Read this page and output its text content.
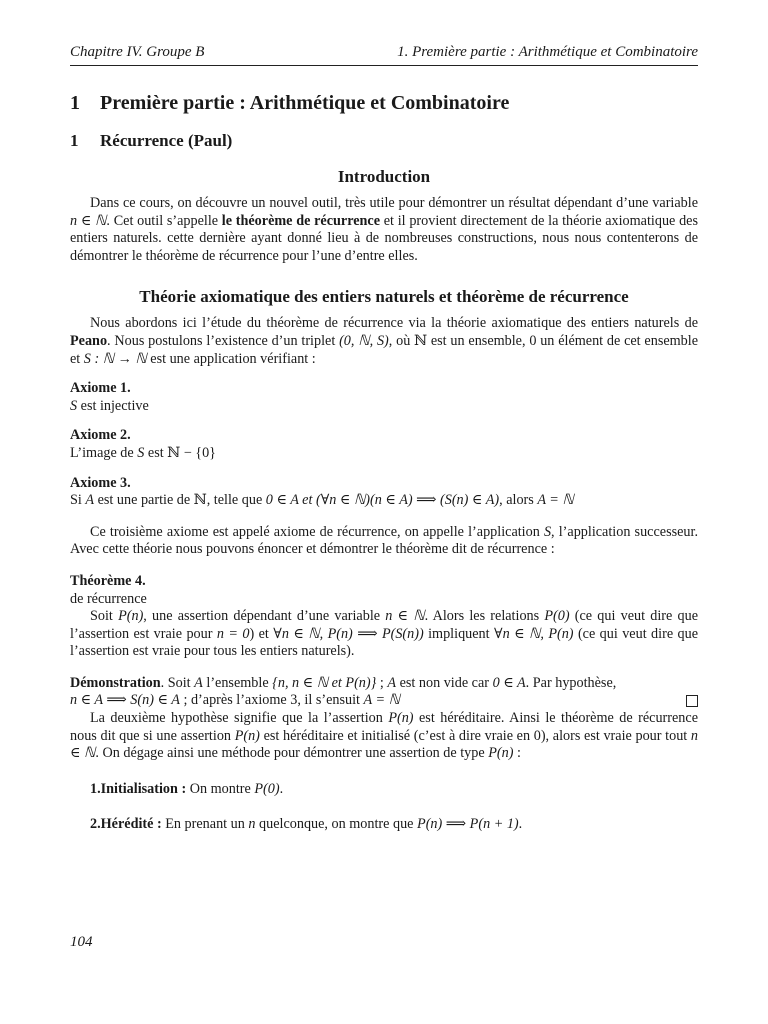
Chapitre IV. Groupe B	1. Première partie : Arithmétique et Combinatoire
1 Première partie : Arithmétique et Combinatoire
1 Récurrence (Paul)
Introduction

Dans ce cours, on découvre un nouvel outil, très utile pour démontrer un résultat dépendant d’une variable n ∈ ℕ. Cet outil s’appelle le théorème de récurrence et il provient directement de la théorie axiomatique des entiers naturels. cette dernière ayant donné lieu à de nombreuses constructions, nous nous contenterons de démontrer le théorème de récurrence pour l’une d’entre elles.

Théorie axiomatique des entiers naturels et théorème de récurrence

Nous abordons ici l’étude du théorème de récurrence via la théorie axiomatique des entiers naturels de Peano. Nous postulons l’existence d’un triplet (0, ℕ, S), où ℕ est un ensemble, 0 un élément de cet ensemble et S : ℕ → ℕ est une application vérifiant :

Axiome 1.
S est injective
Axiome 2.
L’image de S est ℕ − {0}
Axiome 3.
Si A est une partie de ℕ, telle que 0 ∈ A et (∀n ∈ ℕ)(n ∈ A) ⟹ (S(n) ∈ A), alors A = ℕ

Ce troisième axiome est appelé axiome de récurrence, on appelle l’application S, l’application successeur. Avec cette théorie nous pouvons énoncer et démontrer le théorème dit de récurrence :

Théorème 4.
de récurrence

Soit P(n), une assertion dépendant d’une variable n ∈ ℕ. Alors les relations P(0) (ce qui veut dire que l’assertion est vraie pour n = 0) et ∀n ∈ ℕ, P(n) ⟹ P(S(n)) impliquent ∀n ∈ ℕ, P(n) (ce qui veut dire que l’assertion est vraie pour tous les entiers naturels).

Démonstration. Soit A l’ensemble {n, n ∈ ℕ et P(n)} ; A est non vide car 0 ∈ A. Par hypothèse,
n ∈ A ⟹ S(n) ∈ A ; d’après l’axiome 3, il s’ensuit A = ℕ

La deuxième hypothèse signifie que la l’assertion P(n) est héréditaire. Ainsi le théorème de récurrence nous dit que si une assertion P(n) est héréditaire et initialisé (c’est à dire vraie en 0), alors est vraie pour tout n ∈ ℕ. On dégage ainsi une méthode pour démontrer une assertion de type P(n) :

1.Initialisation : On montre P(0).
2.Hérédité : En prenant un n quelconque, on montre que P(n) ⟹ P(n + 1).
104
